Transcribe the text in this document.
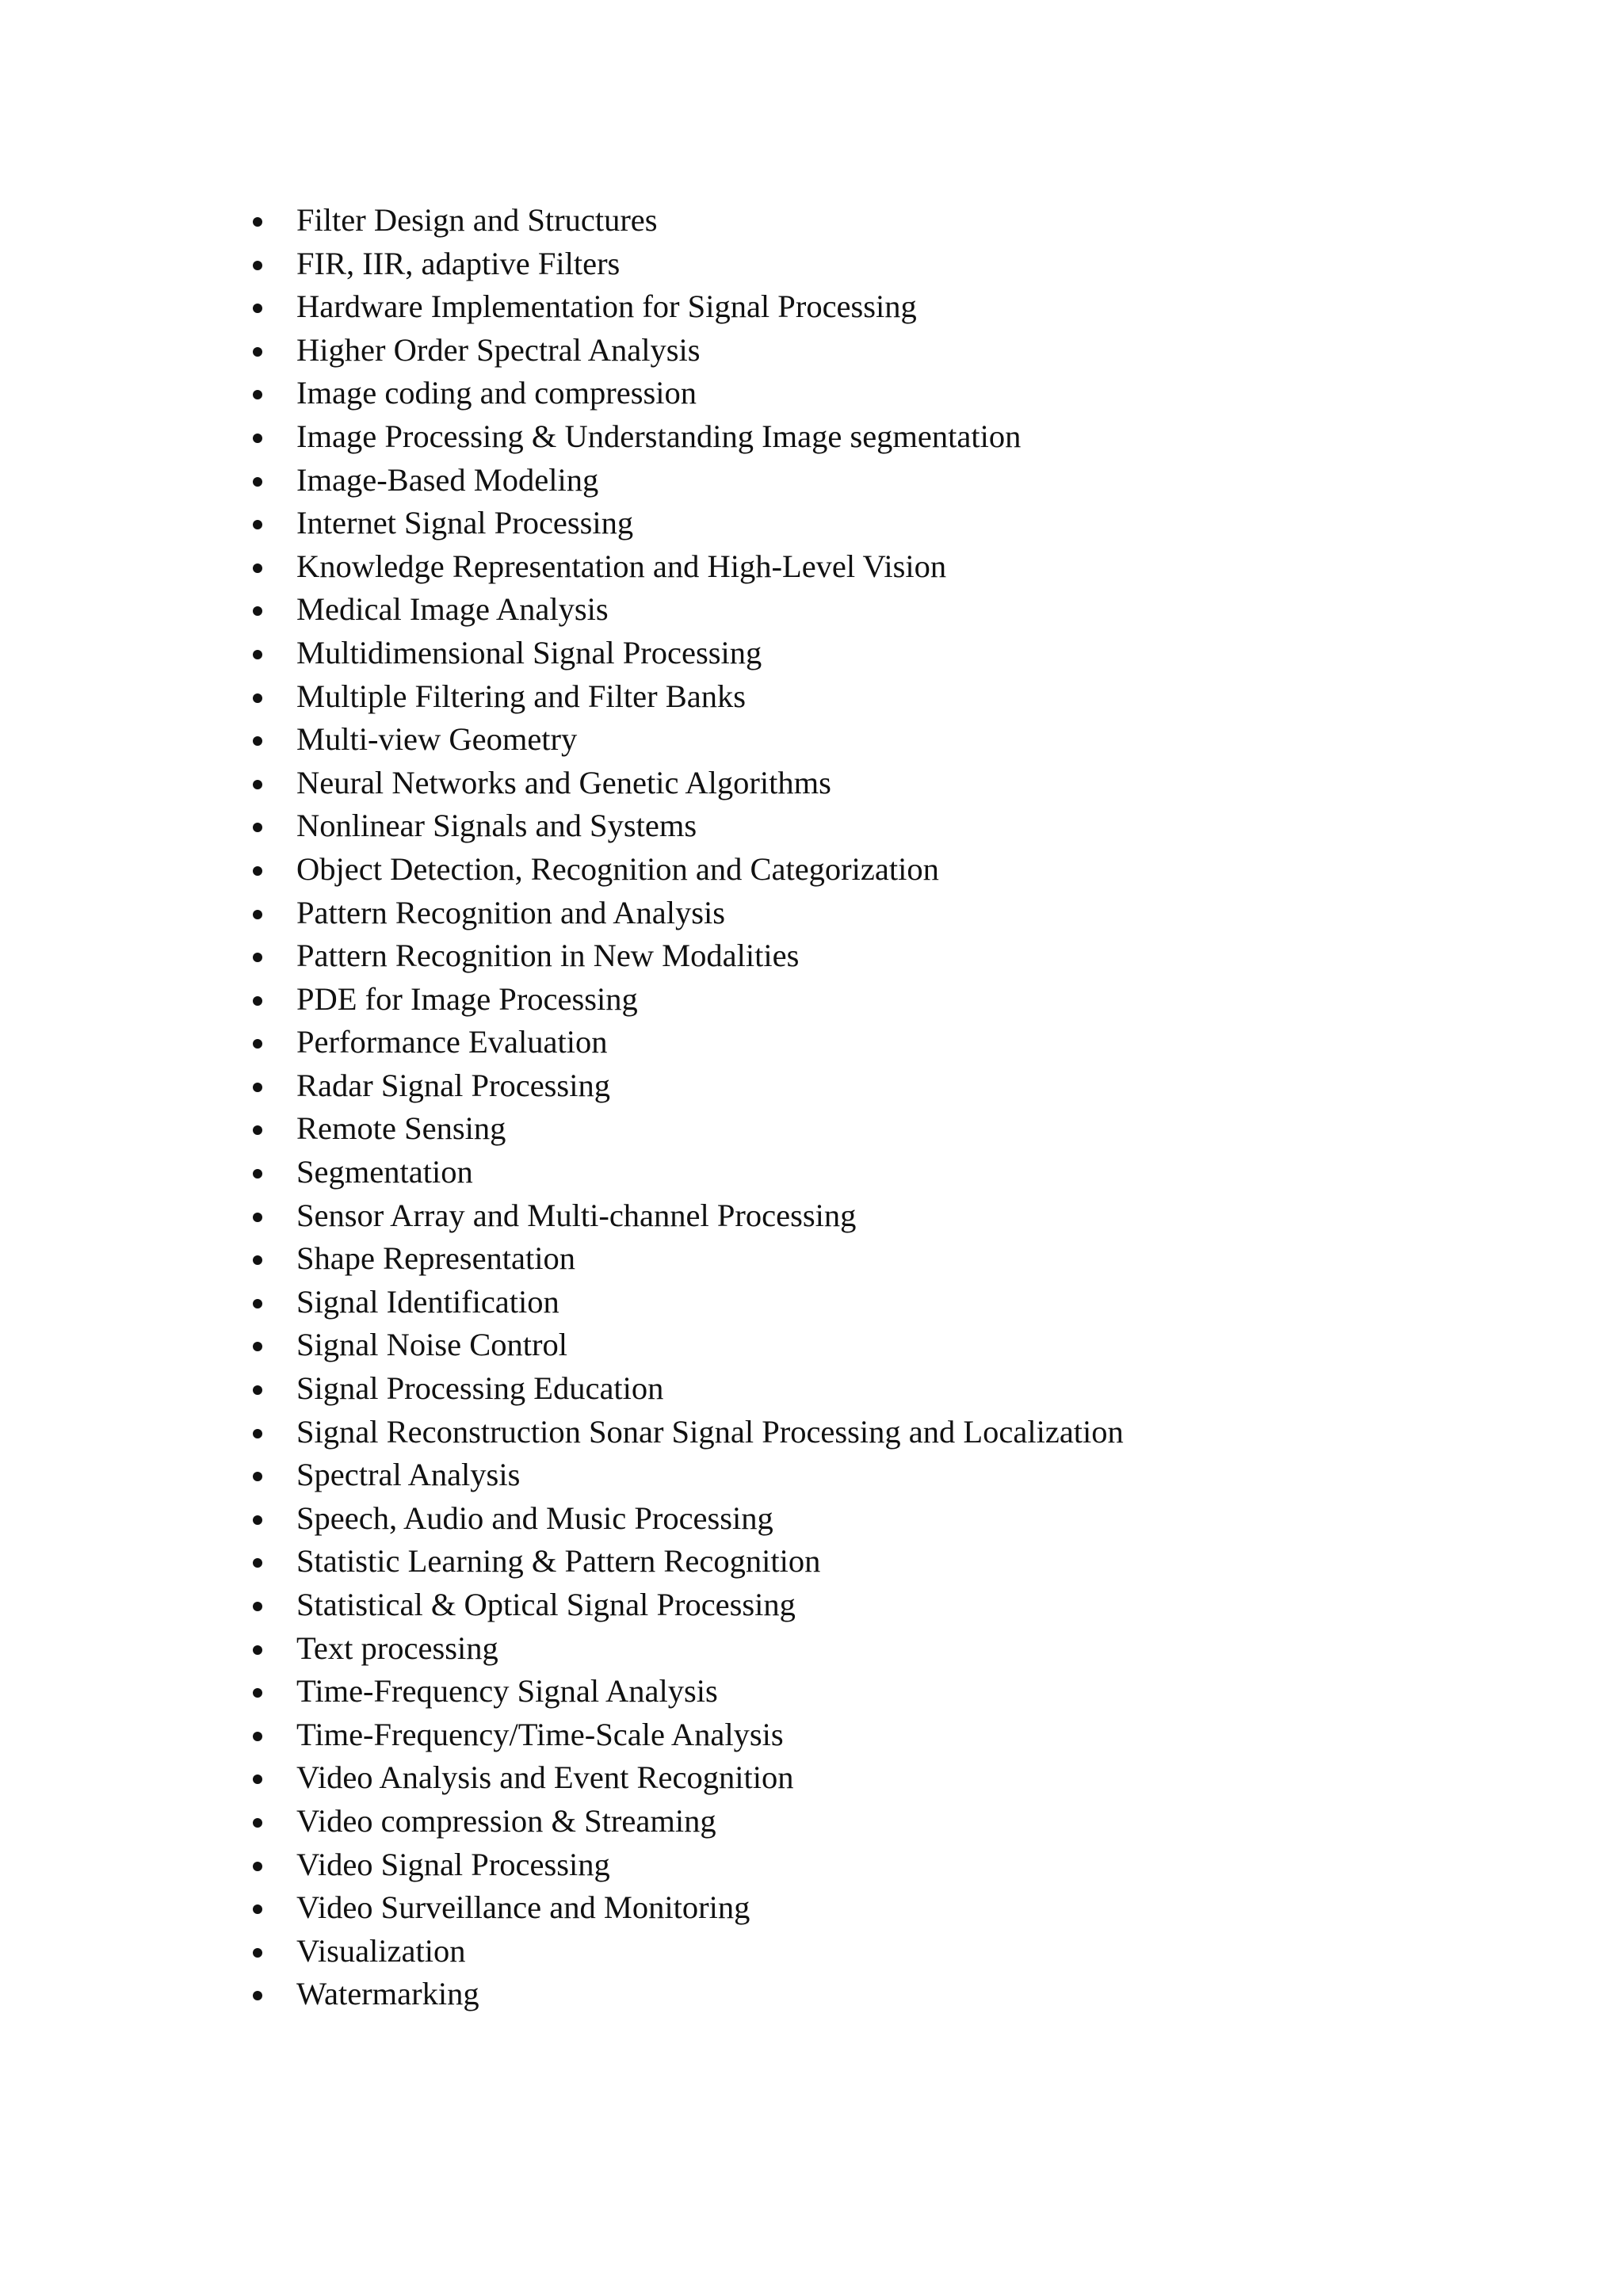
Filter Design and Structures
FIR, IIR, adaptive Filters
Hardware Implementation for Signal Processing
Higher Order Spectral Analysis
Image coding and compression
Image Processing & Understanding Image segmentation
Image-Based Modeling
Internet Signal Processing
Knowledge Representation and High-Level Vision
Medical Image Analysis
Multidimensional Signal Processing
Multiple Filtering and Filter Banks
Multi-view Geometry
Neural Networks and Genetic Algorithms
Nonlinear Signals and Systems
Object Detection, Recognition and Categorization
Pattern Recognition and Analysis
Pattern Recognition in New Modalities
PDE for Image Processing
Performance Evaluation
Radar Signal Processing
Remote Sensing
Segmentation
Sensor Array and Multi-channel Processing
Shape Representation
Signal Identification
Signal Noise Control
Signal Processing Education
Signal Reconstruction Sonar Signal Processing and Localization
Spectral Analysis
Speech, Audio and Music Processing
Statistic Learning & Pattern Recognition
Statistical & Optical Signal Processing
Text processing
Time-Frequency Signal Analysis
Time-Frequency/Time-Scale Analysis
Video Analysis and Event Recognition
Video compression & Streaming
Video Signal Processing
Video Surveillance and Monitoring
Visualization
Watermarking
